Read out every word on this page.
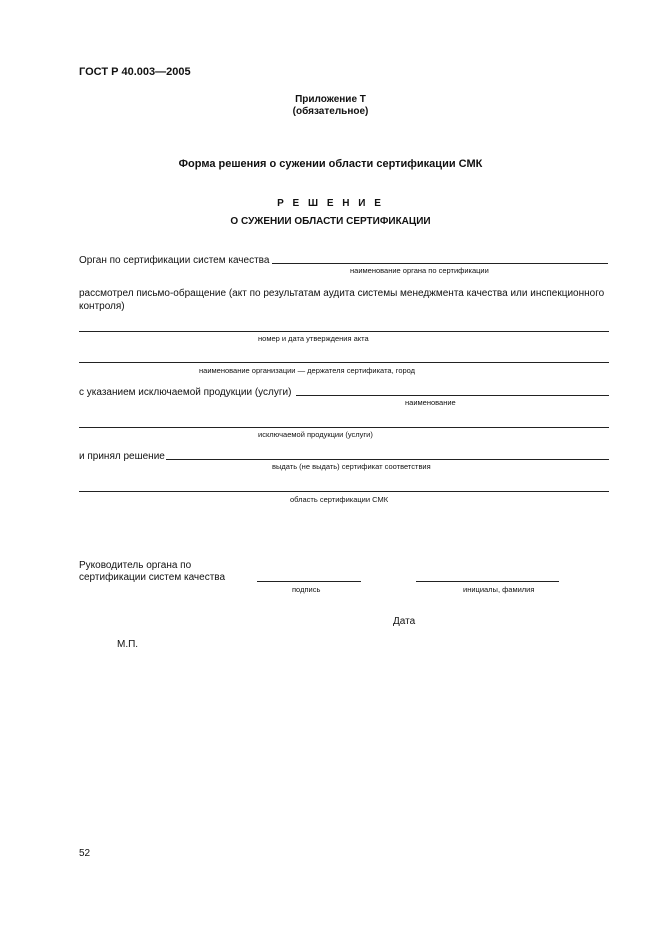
ГОСТ Р 40.003—2005
Приложение Т
(обязательное)
Форма решения о сужении области сертификации СМК
Р Е Ш Е Н И Е
О СУЖЕНИИ ОБЛАСТИ СЕРТИФИКАЦИИ
Орган по сертификации систем качества
наименование органа по сертификации
рассмотрел письмо-обращение (акт по результатам аудита системы менеджмента качества или инспекционного
контроля)
номер и дата утверждения акта
наименование организации — держателя сертификата, город
с указанием исключаемой продукции (услуги)
наименование
исключаемой продукции (услуги)
и принял решение
выдать (не выдать) сертификат соответствия
область сертификации СМК
Руководитель органа по
сертификации систем качества
подпись	инициалы, фамилия
Дата
М.П.
52
